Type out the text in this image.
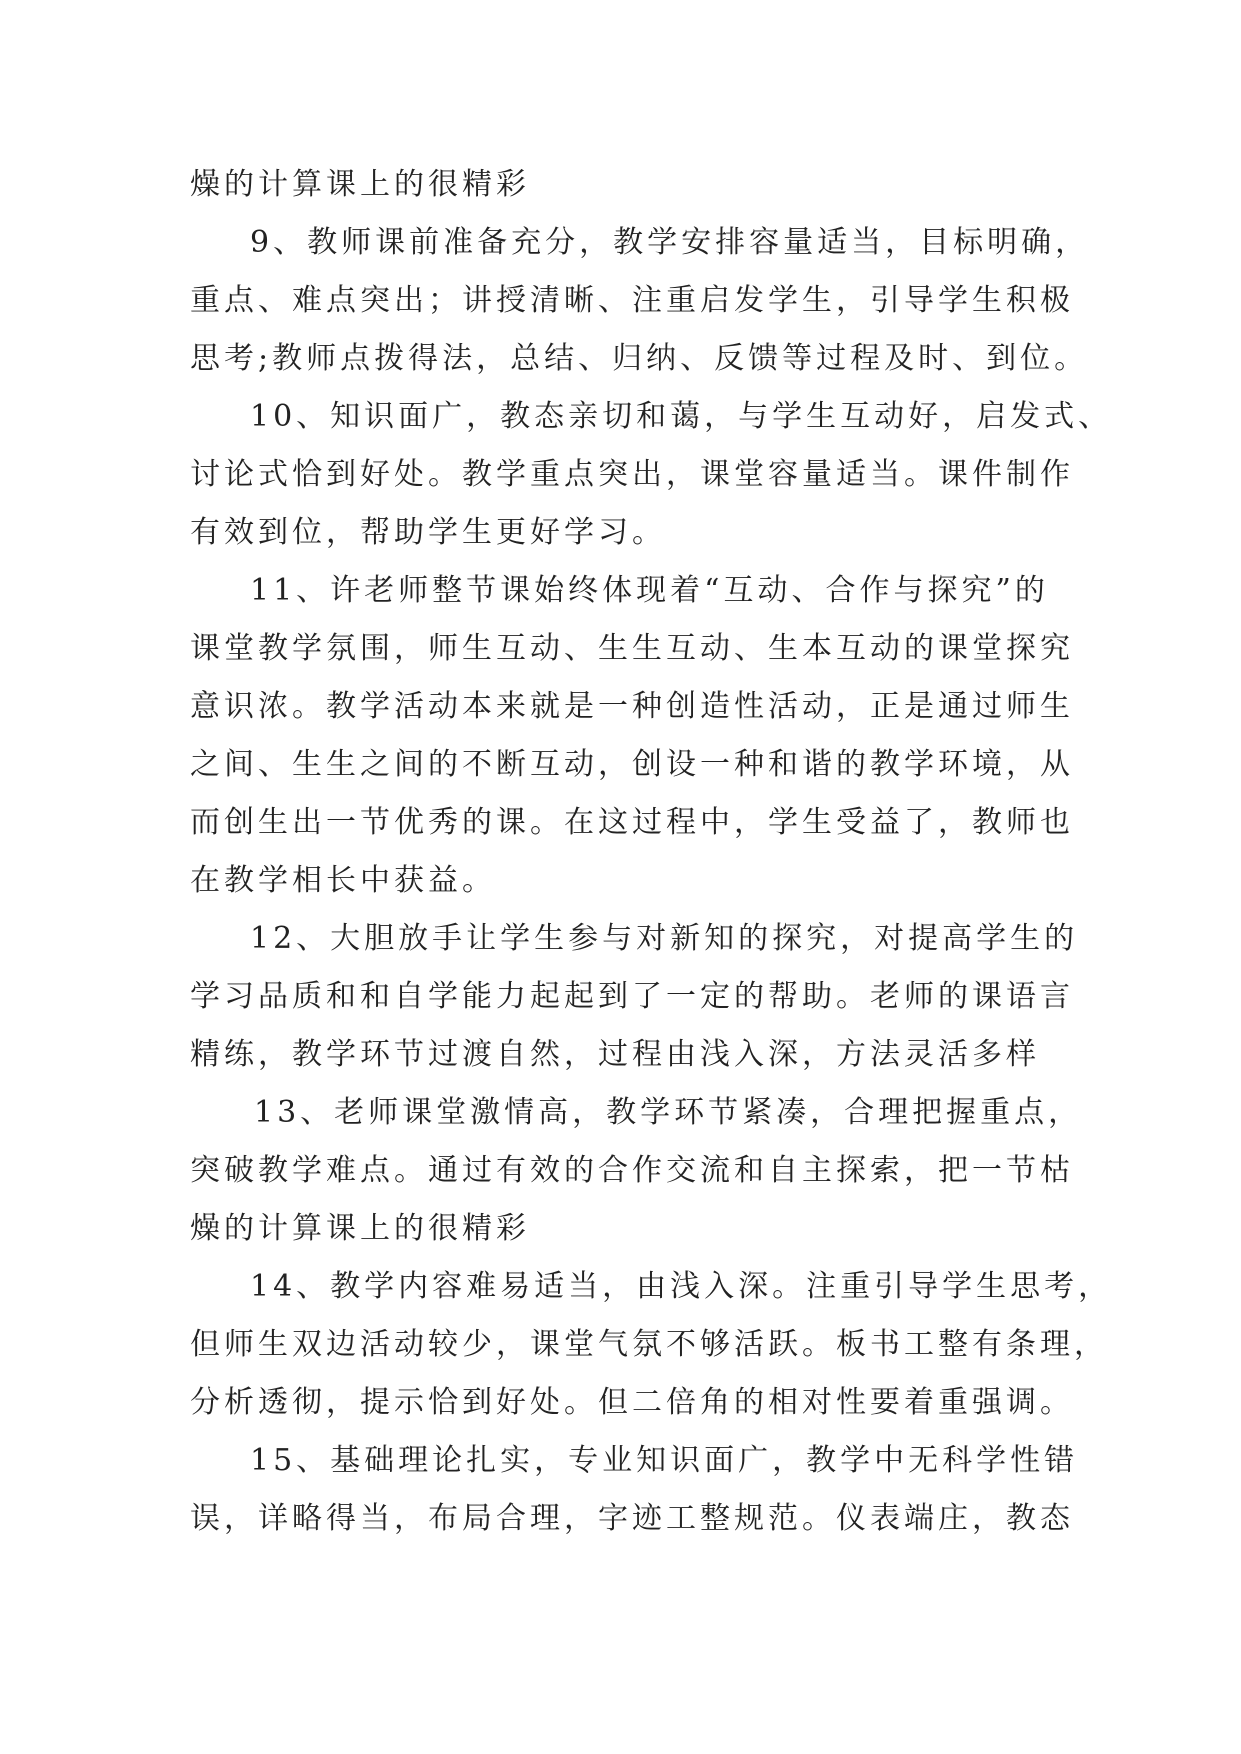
燥的计算课上的很精彩
9、教师课前准备充分，教学安排容量适当，目标明确，
重点、难点突出；讲授清晰、注重启发学生，引导学生积极
思考;教师点拨得法，总结、归纳、反馈等过程及时、到位。
10、知识面广，教态亲切和蔼，与学生互动好，启发式、
讨论式恰到好处。教学重点突出，课堂容量适当。课件制作
有效到位，帮助学生更好学习。
11、许老师整节课始终体现着“互动、合作与探究”的
课堂教学氛围，师生互动、生生互动、生本互动的课堂探究
意识浓。教学活动本来就是一种创造性活动，正是通过师生
之间、生生之间的不断互动，创设一种和谐的教学环境，从
而创生出一节优秀的课。在这过程中，学生受益了，教师也
在教学相长中获益。
12、大胆放手让学生参与对新知的探究，对提高学生的
学习品质和和自学能力起起到了一定的帮助。老师的课语言
精练，教学环节过渡自然，过程由浅入深，方法灵活多样
13、老师课堂激情高，教学环节紧凑，合理把握重点，
突破教学难点。通过有效的合作交流和自主探索，把一节枯
燥的计算课上的很精彩
14、教学内容难易适当，由浅入深。注重引导学生思考，
但师生双边活动较少，课堂气氛不够活跃。板书工整有条理，
分析透彻，提示恰到好处。但二倍角的相对性要着重强调。
15、基础理论扎实，专业知识面广，教学中无科学性错
误，详略得当，布局合理，字迹工整规范。仪表端庄，教态
